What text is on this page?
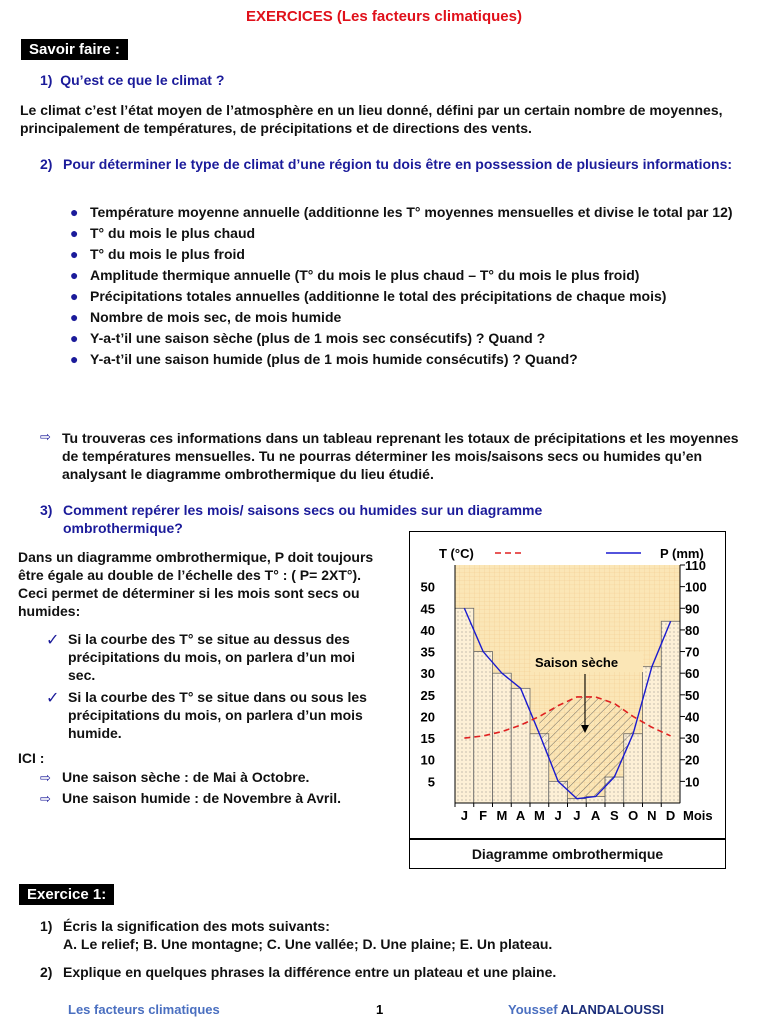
EXERCICES (Les facteurs climatiques)
Savoir faire :
1) Qu’est ce que le climat ?
Le climat c’est l’état moyen de l’atmosphère en un lieu donné, défini par un certain nombre de moyennes, principalement de températures, de précipitations et de directions des vents.
2) Pour déterminer le type de climat d’une région tu dois être en possession de plusieurs informations:
● Température moyenne annuelle (additionne les T° moyennes mensuelles et divise le total par 12)
● T° du mois le plus chaud
● T° du mois le plus froid
● Amplitude thermique annuelle (T° du mois le plus chaud – T° du mois le plus froid)
● Précipitations totales annuelles (additionne le total des précipitations de chaque mois)
● Nombre de mois sec, de mois humide
● Y-a-t’il une saison sèche (plus de 1 mois sec consécutifs) ? Quand ?
● Y-a-t’il une saison humide (plus de 1 mois humide consécutifs) ? Quand?
⇨ Tu trouveras ces informations dans un tableau reprenant les totaux de précipitations et les moyennes de températures mensuelles. Tu ne pourras déterminer les mois/saisons secs ou humides qu’en analysant le diagramme ombrothermique du lieu étudié.
3) Comment repérer les mois/ saisons secs ou humides sur un diagramme ombrothermique?
Dans un diagramme ombrothermique, P doit toujours être égale au double de l’échelle des T° : ( P= 2XT°). Ceci permet de déterminer si les mois sont secs ou humides:
✓ Si la courbe des T° se situe au dessus des précipitations du mois, on parlera d’un moi sec.
✓ Si la courbe des T° se situe dans ou sous les précipitations du mois, on parlera d’un mois humide.
ICI :
⇨ Une saison sèche : de Mai à Octobre.
⇨ Une saison humide : de Novembre à Avril.
Diagramme ombrothermique
5
10
15
20
25
30
35
40
45
50
10
20
30
40
50
60
70
80
90
100
110
J F M A M J J A S O N D
T (°C)	P (mm)
Mois
Saison sèche
Exercice 1:
1) Écris la signification des mots suivants:
A. Le relief; B. Une montagne; C. Une vallée; D. Une plaine; E. Un plateau.
2) Explique en quelques phrases la différence entre un plateau et une plaine.
Les facteurs climatiques	1	Youssef ALANDALOUSSI
